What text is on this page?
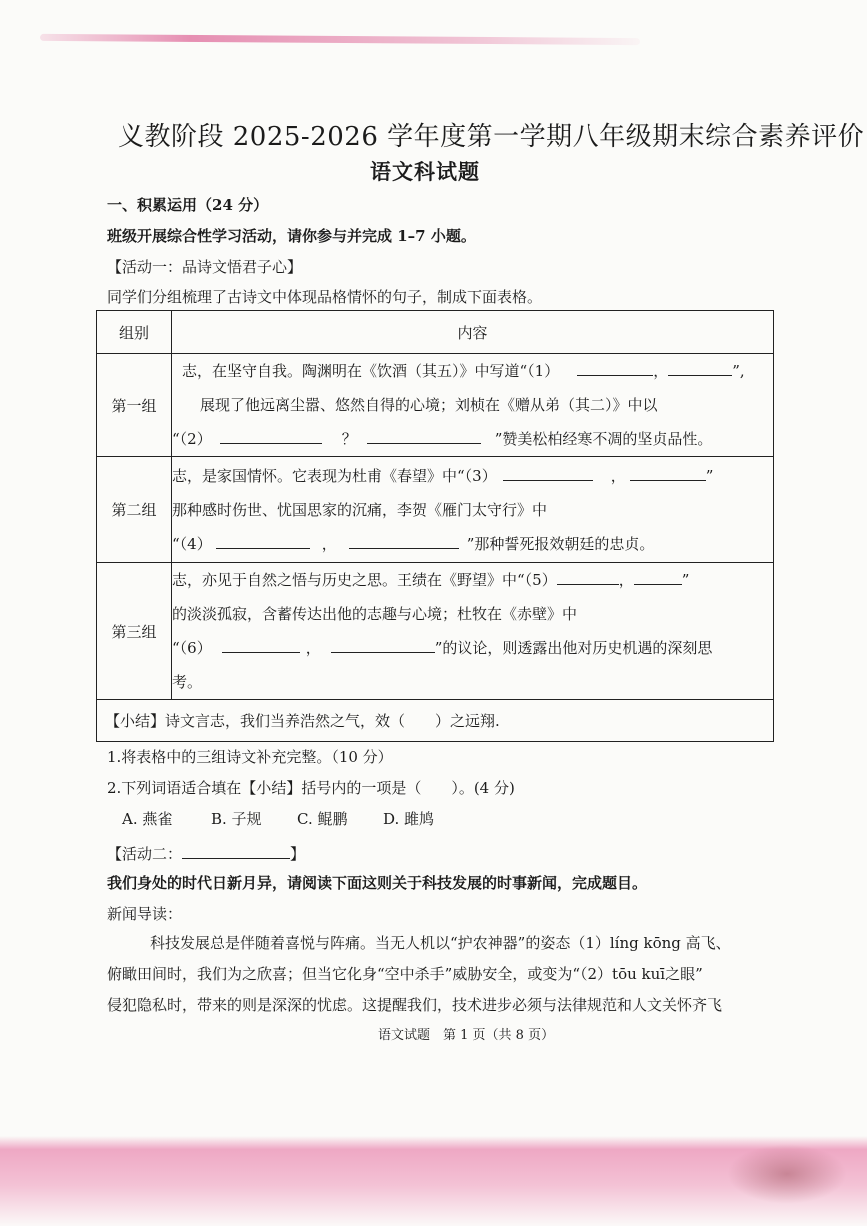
义教阶段 2025-2026 学年度第一学期八年级期末综合素养评价
语文科试题
一、积累运用（24 分）
班级开展综合性学习活动，请你参与并完成 1–7 小题。
【活动一：品诗文悟君子心】
同学们分组梳理了古诗文中体现品格情怀的句子，制成下面表格。
组别	内容
第一组	志，在坚守自我。陶渊明在《饮酒（其五）》中写道“（1） ， ”,
展现了他远离尘嚣、悠然自得的心境；刘桢在《赠从弟（其二）》中以
“（2） ？ ”赞美松柏经寒不凋的坚贞品性。

第二组	志，是家国情怀。它表现为杜甫《春望》中“（3） ， ”
那种感时伤世、忧国思家的沉痛，李贺《雁门太守行》中
“（4） ， ”那种誓死报效朝廷的忠贞。

第三组	志，亦见于自然之悟与历史之思。王绩在《野望》中“（5） ， ”
的淡淡孤寂，含蓄传达出他的志趣与心境；杜牧在《赤壁》中
“（6） ， ”的议论，则透露出他对历史机遇的深刻思
考。

【小结】诗文言志，我们当养浩然之气，效（ ）之远翔.	
1.将表格中的三组诗文补充完整。（10 分）
2.下列词语适合填在【小结】括号内的一项是（ ）。(4 分)
A. 燕雀	B. 子规 C. 鲲鹏 D. 雎鸠
【活动二：	】
我们身处的时代日新月异，请阅读下面这则关于科技发展的时事新闻，完成题目。
新闻导读：
科技发展总是伴随着喜悦与阵痛。当无人机以“护农神器”的姿态（1）líng kōng 高飞、
俯瞰田间时，我们为之欣喜；但当它化身“空中杀手”威胁安全，或变为“（2）tōu kuī之眼”
侵犯隐私时，带来的则是深深的忧虑。这提醒我们，技术进步必须与法律规范和人文关怀齐飞
语文试题　第 1 页（共 8 页）
